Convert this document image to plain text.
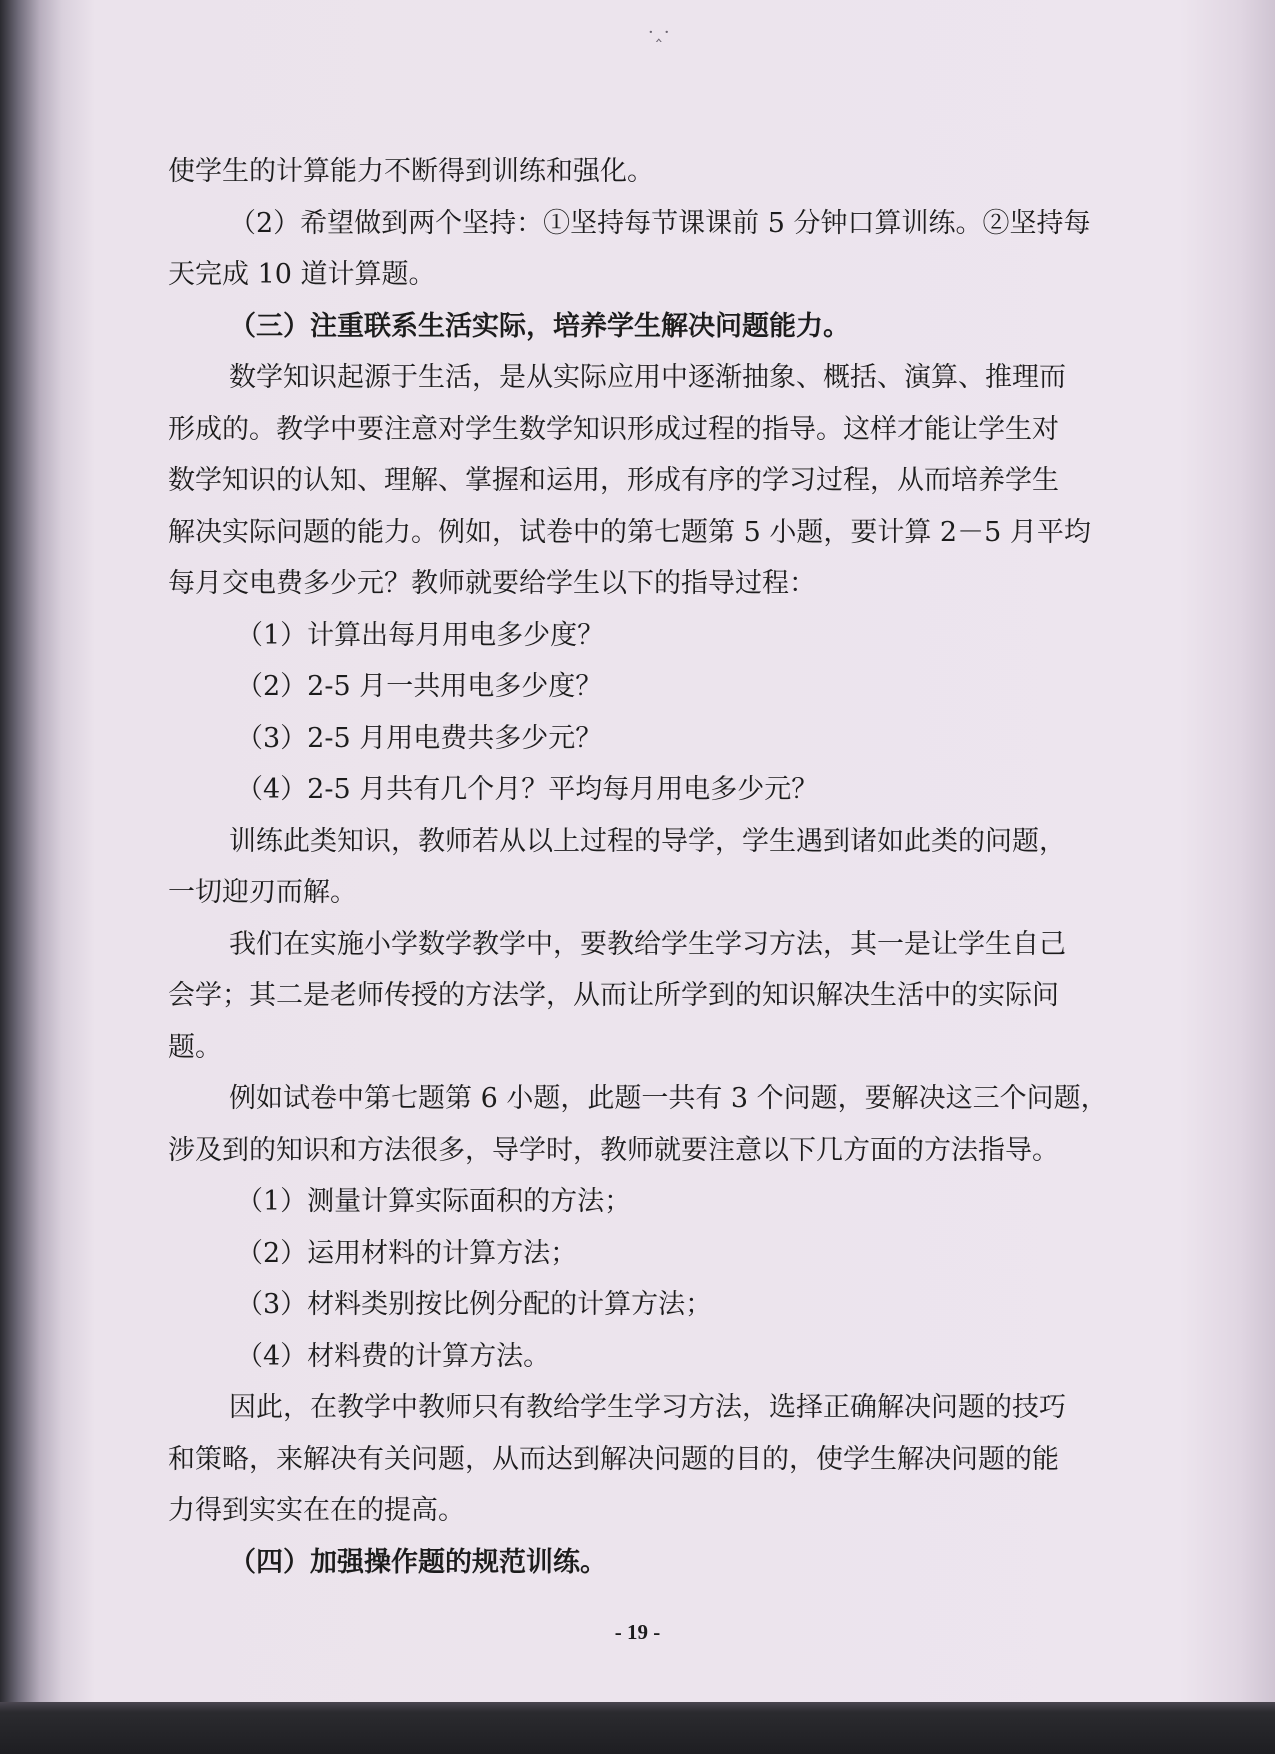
·‸·

使学生的计算能力不断得到训练和强化。

（2）希望做到两个坚持：①坚持每节课课前 5 分钟口算训练。②坚持每

天完成 10 道计算题。

（三）注重联系生活实际，培养学生解决问题能力。

数学知识起源于生活，是从实际应用中逐渐抽象、概括、演算、推理而

形成的。教学中要注意对学生数学知识形成过程的指导。这样才能让学生对

数学知识的认知、理解、掌握和运用，形成有序的学习过程，从而培养学生

解决实际问题的能力。例如，试卷中的第七题第 5 小题，要计算 2－5 月平均

每月交电费多少元？教师就要给学生以下的指导过程：

（1）计算出每月用电多少度？

（2）2-5 月一共用电多少度？

（3）2-5 月用电费共多少元？

（4）2-5 月共有几个月？平均每月用电多少元？

训练此类知识，教师若从以上过程的导学，学生遇到诸如此类的问题，

一切迎刃而解。

我们在实施小学数学教学中，要教给学生学习方法，其一是让学生自己

会学；其二是老师传授的方法学，从而让所学到的知识解决生活中的实际问

题。

例如试卷中第七题第 6 小题，此题一共有 3 个问题，要解决这三个问题，

涉及到的知识和方法很多，导学时，教师就要注意以下几方面的方法指导。

（1）测量计算实际面积的方法；

（2）运用材料的计算方法；

（3）材料类别按比例分配的计算方法；

（4）材料费的计算方法。

因此，在教学中教师只有教给学生学习方法，选择正确解决问题的技巧

和策略，来解决有关问题，从而达到解决问题的目的，使学生解决问题的能

力得到实实在在的提高。

（四）加强操作题的规范训练。

- 19 -
